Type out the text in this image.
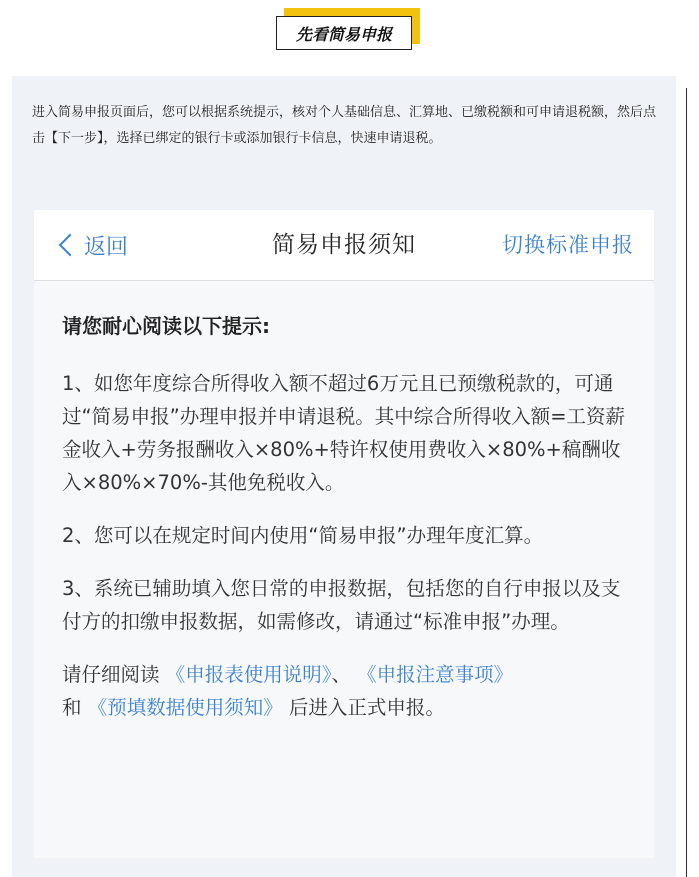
先看简易申报
进入简易申报页面后，您可以根据系统提示，核对个人基础信息、汇算地、已缴税额和可申请退税额，然后点击【下一步】，选择已绑定的银行卡或添加银行卡信息，快速申请退税。
返回	简易申报须知	切换标准申报

请您耐心阅读以下提示:

1、如您年度综合所得收入额不超过6万元且已预缴税款的，可通过“简易申报”办理申报并申请退税。其中综合所得收入额=工资薪金收入+劳务报酬收入×80%+特许权使用费收入×80%+稿酬收入×80%×70%-其他免税收入。

2、您可以在规定时间内使用“简易申报”办理年度汇算。

3、系统已辅助填入您日常的申报数据，包括您的自行申报以及支付方的扣缴申报数据，如需修改，请通过“标准申报”办理。

请仔细阅读 《申报表使用说明》、 《申报注意事项》
和 《预填数据使用须知》 后进入正式申报。
